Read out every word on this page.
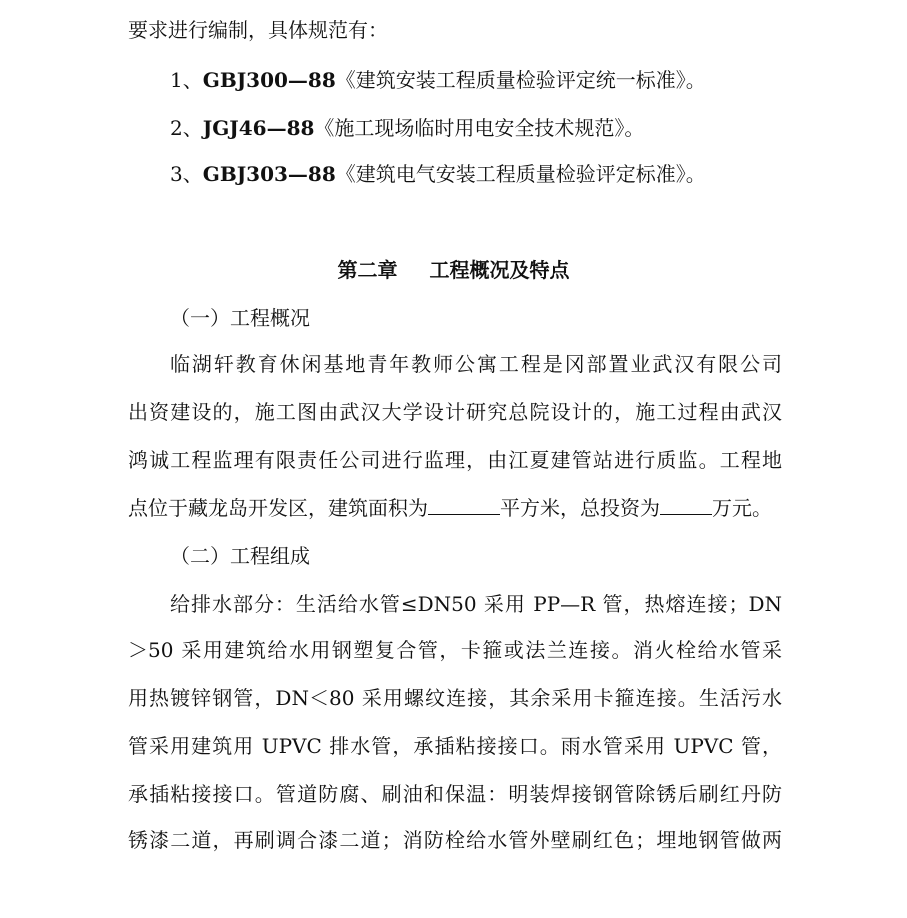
要求进行编制，具体规范有：
1、GBJ300—88《建筑安装工程质量检验评定统一标准》。
2、JGJ46—88《施工现场临时用电安全技术规范》。
3、GBJ303—88《建筑电气安装工程质量检验评定标准》。
第二章 工程概况及特点
（一）工程概况
临湖轩教育休闲基地青年教师公寓工程是冈部置业武汉有限公司
出资建设的，施工图由武汉大学设计研究总院设计的，施工过程由武汉
鸿诚工程监理有限责任公司进行监理，由江夏建管站进行质监。工程地
点位于藏龙岛开发区，建筑面积为	平方米，总投资为	万元。
（二）工程组成
给排水部分：生活给水管≤DN50 采用 PP—R 管，热熔连接；DN
＞50 采用建筑给水用钢塑复合管，卡箍或法兰连接。消火栓给水管采
用热镀锌钢管，DN＜80 采用螺纹连接，其余采用卡箍连接。生活污水
管采用建筑用 UPVC 排水管，承插粘接接口。雨水管采用 UPVC 管，
承插粘接接口。管道防腐、刷油和保温：明装焊接钢管除锈后刷红丹防
锈漆二道，再刷调合漆二道；消防栓给水管外壁刷红色；埋地钢管做两
